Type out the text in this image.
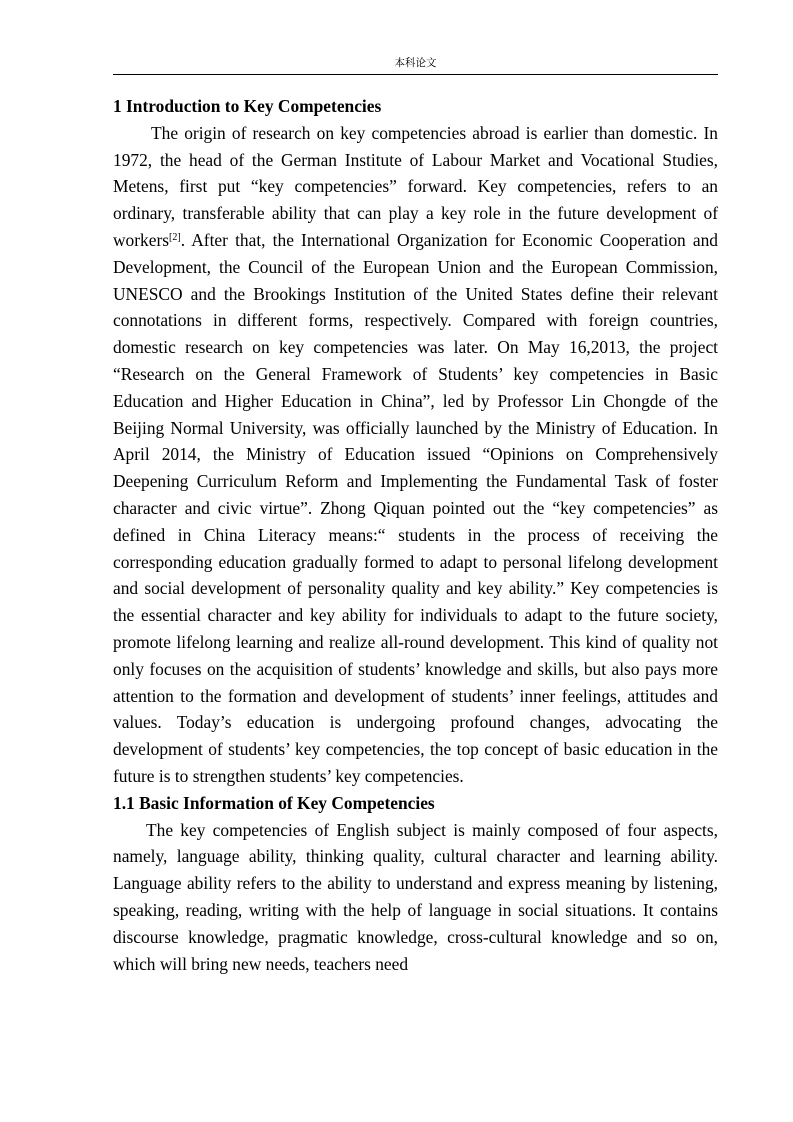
本科论文
1 Introduction to Key Competencies

The origin of research on key competencies abroad is earlier than domestic. In 1972, the head of the German Institute of Labour Market and Vocational Studies, Metens, first put “key competencies” forward. Key competencies, refers to an ordinary, transferable ability that can play a key role in the future development of workers[2]. After that, the International Organization for Economic Cooperation and Development, the Council of the European Union and the European Commission, UNESCO and the Brookings Institution of the United States define their relevant connotations in different forms, respectively. Compared with foreign countries, domestic research on key competencies was later. On May 16,2013, the project “Research on the General Framework of Students’ key competencies in Basic Education and Higher Education in China”, led by Professor Lin Chongde of the Beijing Normal University, was officially launched by the Ministry of Education. In April 2014, the Ministry of Education issued “Opinions on Comprehensively Deepening Curriculum Reform and Implementing the Fundamental Task of foster character and civic virtue”. Zhong Qiquan pointed out the “key competencies” as defined in China Literacy means:“ students in the process of receiving the corresponding education gradually formed to adapt to personal lifelong development and social development of personality quality and key ability.” Key competencies is the essential character and key ability for individuals to adapt to the future society, promote lifelong learning and realize all-round development. This kind of quality not only focuses on the acquisition of students’ knowledge and skills, but also pays more attention to the formation and development of students’ inner feelings, attitudes and values. Today’s education is undergoing profound changes, advocating the development of students’ key competencies, the top concept of basic education in the future is to strengthen students’ key competencies.

1.1 Basic Information of Key Competencies

The key competencies of English subject is mainly composed of four aspects, namely, language ability, thinking quality, cultural character and learning ability. Language ability refers to the ability to understand and express meaning by listening, speaking, reading, writing with the help of language in social situations. It contains discourse knowledge, pragmatic knowledge, cross-cultural knowledge and so on, which will bring new needs, teachers need
